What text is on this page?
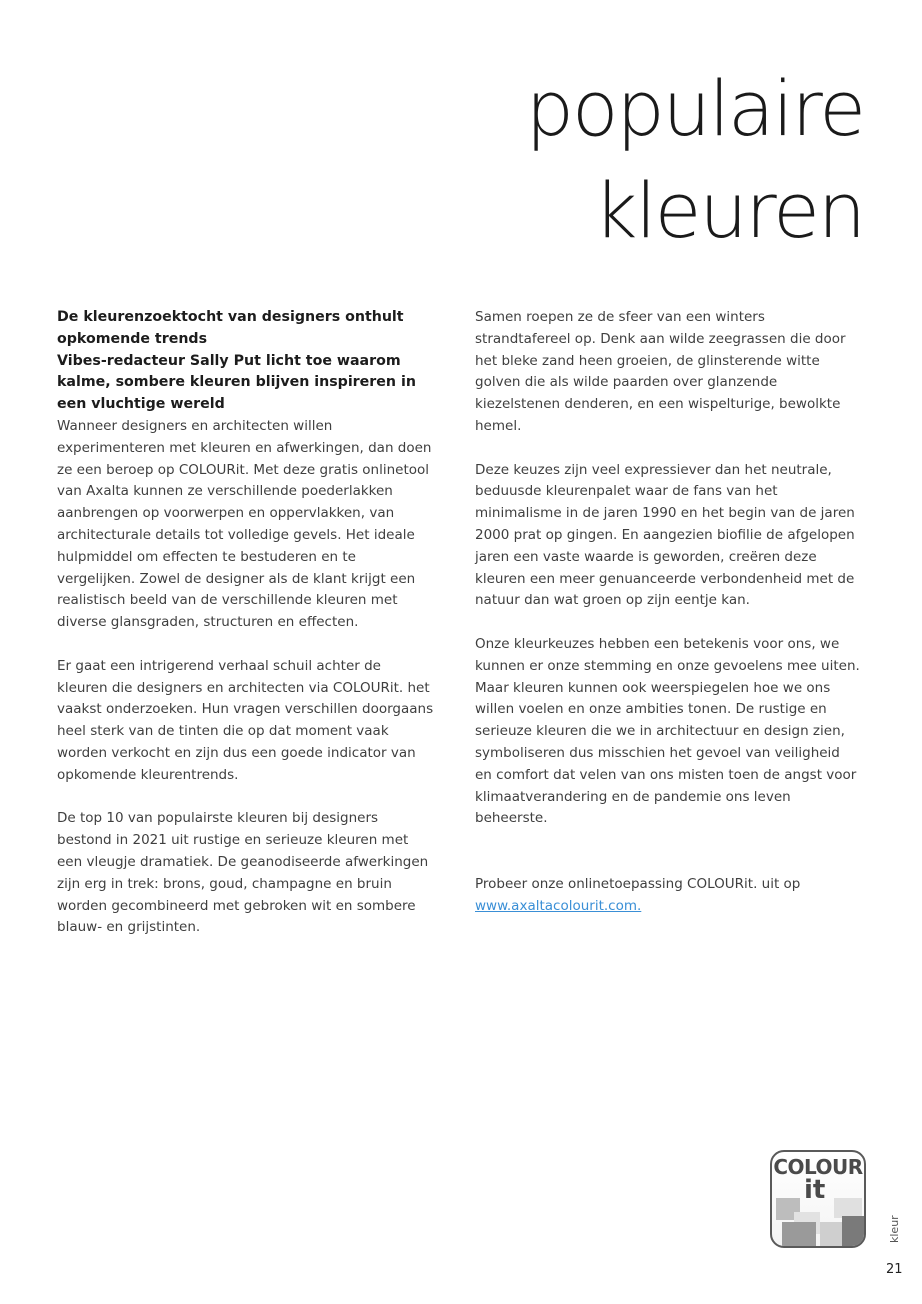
populaire
kleuren
De kleurenzoektocht van designers onthult opkomende trends
Vibes-redacteur Sally Put licht toe waarom kalme, sombere kleuren blijven inspireren in een vluchtige wereld
Wanneer designers en architecten willen experimenteren met kleuren en afwerkingen, dan doen ze een beroep op COLOURit. Met deze gratis onlinetool van Axalta kunnen ze verschillende poederlakken aanbrengen op voorwerpen en oppervlakken, van architecturale details tot volledige gevels. Het ideale hulpmiddel om effecten te bestuderen en te vergelijken. Zowel de designer als de klant krijgt een realistisch beeld van de verschillende kleuren met diverse glansgraden, structuren en effecten.
Er gaat een intrigerend verhaal schuil achter de kleuren die designers en architecten via COLOURit. het vaakst onderzoeken. Hun vragen verschillen doorgaans heel sterk van de tinten die op dat moment vaak worden verkocht en zijn dus een goede indicator van opkomende kleurentrends.
De top 10 van populairste kleuren bij designers bestond in 2021 uit rustige en serieuze kleuren met een vleugje dramatiek. De geanodiseerde afwerkingen zijn erg in trek: brons, goud, champagne en bruin worden gecombineerd met gebroken wit en sombere blauw- en grijstinten.
Samen roepen ze de sfeer van een winters strandtafereel op. Denk aan wilde zeegrassen die door het bleke zand heen groeien, de glinsterende witte golven die als wilde paarden over glanzende kiezelstenen denderen, en een wispelturige, bewolkte hemel.
Deze keuzes zijn veel expressiever dan het neutrale, beduusde kleurenpalet waar de fans van het minimalisme in de jaren 1990 en het begin van de jaren 2000 prat op gingen. En aangezien biofilie de afgelopen jaren een vaste waarde is geworden, creëren deze kleuren een meer genuanceerde verbondenheid met de natuur dan wat groen op zijn eentje kan.
Onze kleurkeuzes hebben een betekenis voor ons, we kunnen er onze stemming en onze gevoelens mee uiten. Maar kleuren kunnen ook weerspiegelen hoe we ons willen voelen en onze ambities tonen. De rustige en serieuze kleuren die we in architectuur en design zien, symboliseren dus misschien het gevoel van veiligheid en comfort dat velen van ons misten toen de angst voor klimaatverandering en de pandemie ons leven beheerste.
Probeer onze onlinetoepassing COLOURit. uit op
www.axaltacolourit.com.
COLOUR
it
kleur
21
